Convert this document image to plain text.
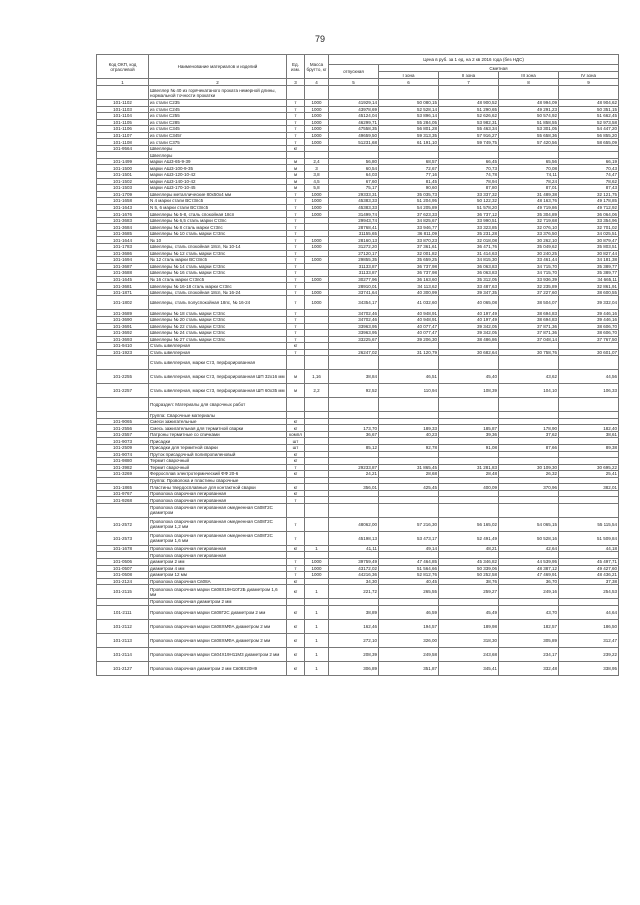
79
Код ОКП, код отраслевой	Наименование материалов и изделий	Ед. изм.	Масса брутто, кг	Цена в руб. за 1 ед. на 2 кв 2016 года (без НДС)				
				отпускная	Сметная			
					I зона	II зона	III зона	IV зона
1	2	3	4	5	6	7	8	9
	Швеллер № 40 из горячекатаного проката немерной длины, нормальной точности прокатки							
101-1102	из стали С235	т	1000	41929,14	50 080,15	48 900,52	48 994,09	48 904,62
101-1103	из стали С245	т	1000	43978,69	52 528,14	51 290,65	49 291,23	50 351,15
101-1104	из стали С255	т	1000	45124,04	53 896,14	52 626,62	50 574,92	51 662,45
101-1105	из стали С285	т	1000	46299,71	55 284,05	53 982,31	51 858,55	52 973,58
101-1106	из стали С345	т	1000	47558,35	56 801,28	55 463,34	53 301,05	54 447,20
101-1107	из стали С345т	т	1000	49659,50	59 313,35	57 916,27	55 658,36	56 855,20
101-1108	из стали С375	т	1000	51231,68	61 191,10	59 749,75	57 420,56	58 655,09
101-9564	Швеллеры	кг						
	Швеллеры							
101-1499	марки АШ3-65-9-39	м	2,4	56,80	68,57	66,45	65,56	66,19
101-1500	марки АШ3-100-9-35	м	3	60,54	72,67	70,73	70,08	70,43
101-1501	марки АШ3-120-10-42	м	3,8	64,03	77,16	74,78	74,11	74,47
101-1502	марки АШ3-140-10-42	м	4,5	67,60	81,45	78,94	78,24	78,62
101-1503	марки АШ3-170-10-45	м	5,8	75,17	90,60	87,80	87,01	87,43
101-1709	Швеллеры металлические 80х50х4 мм	т	1000	29333,31	35 035,73	33 337,32	31 489,38	32 121,75
101-1658	N 4 марки стали ВСт3пс5	т	1000	45383,33	51 204,95	50 122,32	48 163,76	49 178,85
101-1643	N 5, 6 марки стали ВСт3пс5	т	1000	45383,33	54 205,89	51 578,20	49 719,86	49 712,92
101-1676	Швеллеры № 5-8, сталь спокойная 18сп	т	1000	31499,74	37 623,33	36 737,12	35 304,89	36 064,06
101-3683	Швеллеры № 6,5 сталь марки Ст3пс	т		29943,74	34 825,67	33 990,51	32 719,68	33 354,96
101-3684	Швеллеры № 8 сталь марки Ст3пс	т		28768,41	33 946,77	33 323,85	32 076,10	32 701,02
101-3685	Швеллеры № 10 сталь марки Ст3пс	т		31155,65	36 811,09	35 231,28	33 376,50	34 025,51
101-1644	№ 10	т	1000	28160,13	33 870,23	32 018,08	30 262,10	30 879,47
101-1783	Швеллеры, сталь спокойная 18сп, № 10-14	т	1000	31272,20	37 361,61	36 471,76	35 049,62	35 803,51
101-3686	Швеллеры № 12 сталь марки Ст3пс	т		27120,17	32 001,82	31 414,63	30 240,25	30 827,44
101-1694	№ 12 сталь марки ВСт3пс5	т	1000	29855,35	35 659,25	34 815,30	33 461,44	34 181,38
101-3687	Швеллеры № 14 сталь марки Ст3пс	т		31133,87	36 737,98	36 063,83	34 715,70	35 389,77
101-3688	Швеллеры № 16 сталь марки Ст3пс	т		31133,87	36 737,98	36 063,83	34 715,70	35 389,77
101-1645	№ 16 сталь марки Ст3пс5	т	1000	30277,96	36 163,60	35 312,05	33 936,39	34 665,11
101-3681	Швеллеры № 16-18 сталь марки Ст3пс	т		28910,01	34 113,62	33 487,63	32 235,89	32 861,91
101-1871	Швеллеры, сталь спокойная 18сп, № 16-24	т	1000	33741,64	40 300,99	39 347,35	37 227,60	38 600,55
101-1802	Швеллеры, сталь полуспокойная 18пс, № 16-24	т	1000	34354,17	41 032,60	40 065,08	38 504,07	39 332,04
101-3689	Швеллеры № 18 сталь марки Ст3пс	т		34702,46	40 948,91	40 197,49	38 694,83	39 446,16
101-3690	Швеллеры № 20 сталь марки Ст3пс	т		34702,46	40 948,91	40 197,49	38 694,83	39 446,16
101-3691	Швеллеры № 22 сталь марки Ст3пс	т		33963,95	40 077,47	39 342,05	37 871,36	38 606,70
101-3692	Швеллеры № 24 сталь марки Ст3пс	т		33963,95	40 077,47	39 342,05	37 871,36	38 606,70
101-3693	Швеллеры № 27 сталь марки Ст3пс	т		33225,67	39 206,30	38 486,86	37 048,14	37 767,50
101-9410	Сталь швеллерная	кг						
101-1923	Сталь швеллерная	т		26247,02	31 120,79	30 682,64	30 758,76	30 601,07
	Сталь швеллерная, марки Ст3, перфорированная							
101-2255	Сталь швеллерная, марки Ст3, перфорированная ШП 32х16 мм	м	1,16	38,84	46,51	45,40	43,62	44,56
101-2257	Сталь швеллерная, марки Ст3, перфорированная ШП 60х35 мм	м	2,2	92,52	110,94	108,39	104,10	106,33
	Подраздел: Материалы для сварочных работ							
	Группа: Сварочные материалы							
101-9065	Смеси зажигательные	кг						
101-2556	Смесь зажигательная для термитной сварки	кг		173,70	189,33	185,87	178,90	182,40
101-2557	Патроны термитные со спичками	компл		36,67	40,23	39,36	37,62	38,61
101-9073	Присадки	шт						
101-2509	Присадки для термитной сварки	шт		85,12	92,78	91,08	87,66	89,38
101-9074	Пруток присадочный полипропиленовый	кг						
101-9880	Термит сварочный	кг						
101-3982	Термит сварочный	т		29233,87	31 865,45	31 281,83	30 109,30	30 695,22
101-3269	Ферросплав электротермический ФФ 20-6	кг		24,21	28,68	28,48	26,32	25,41
	Группа: Проволока и пластины сварочные							
101-1865	Пластины твердосплавные для контактной сварки	кг		356,01	425,45	400,09	370,96	382,01
101-9767	Проволока сварочная легированная	кг						
101-9268	Проволока сварочная легированная	т						
	Проволока сварочная легированная омедненная Св08Г2С диаметром							
101-2572	Проволока сварочная легированная омедненная Св08Г2С диаметром 1,2 мм	т		48062,00	57 216,30	56 165,02	54 065,15	55 115,54
101-2573	Проволока сварочная легированная омедненная Св08Г2С диаметром 1,6 мм	т		45198,13	53 473,17	52 491,49	50 528,16	51 509,84
101-1678	Проволока сварочная легированная	кг	1	41,11	49,14	48,21	42,64	44,18
	Проволока сварочная легированная							
101-0506	диаметром 2 мм	т	1000	39759,49	47 464,85	45 346,82	44 539,95	45 497,71
101-0507	диаметром 4 мм	т	1000	43172,02	51 564,66	50 339,06	48 387,12	49 427,60
101-0508	диаметром 12 мм	т	1000	44216,36	52 812,76	50 252,58	47 469,91	48 436,21
101-2124	Проволока сварочная Св08А	кг		34,30	40,45	38,76	36,70	37,38
101-2115	Проволока сварочная марки Св08Х19Н10Г2Б диаметром 1,6 мм	кг	1	221,72	265,55	259,27	249,16	254,53
	Проволока сварочная диаметром 2 мм							
101-2111	Проволока сварочная марки Св08Г2С диаметром 2 мм	кг	1	38,89	46,59	45,49	43,70	44,64
101-2112	Проволока сварочная марки Св08ХМФА диаметром 2 мм	кг	1	162,46	194,57	189,98	182,57	186,50
101-2113	Проволока сварочная марки Св08ХМФА диаметром 2 мм	кг	1	272,10	326,00	318,30	305,89	312,47
101-2114	Проволока сварочная марки Св04Х19Н11М3 диаметром 2 мм	кг	1	208,39	249,58	243,68	234,17	239,22
101-2127	Проволока сварочная диаметром 2 мм Св08Х20Н9	кг	1	306,89	351,87	345,41	332,48	338,95
